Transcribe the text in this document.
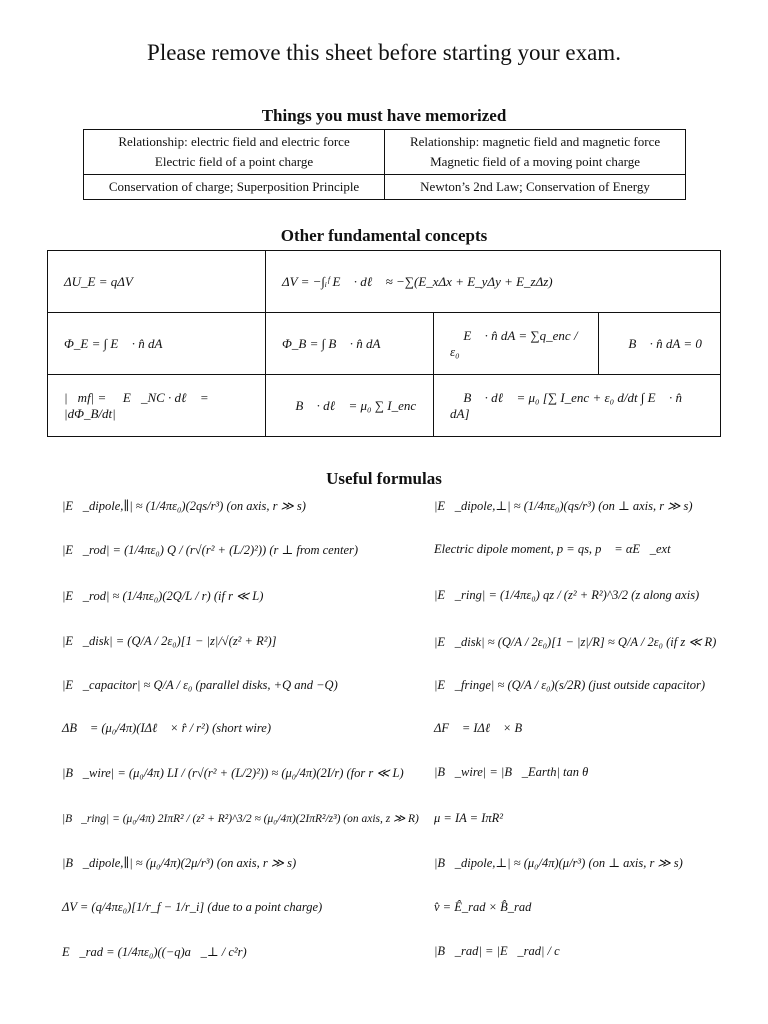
Please remove this sheet before starting your exam.
Things you must have memorized
Relationship: electric field and electric force	Relationship: magnetic field and magnetic force
Electric field of a point charge	Magnetic field of a moving point charge
Conservation of charge; Superposition Principle	Newton’s 2nd Law; Conservation of Energy
Other fundamental concepts
ΔU_E = qΔV	ΔV = −∫ᵢᶠ E⃗ · dℓ⃗ ≈ −∑(E_xΔx + E_yΔy + E_zΔz)		
Φ_E = ∫ E⃗ · n̂ dA	Φ_B = ∫ B⃗ · n̂ dA	∮ E⃗ · n̂ dA = ∑q_enc / ε₀	∮ B⃗ · n̂ dA = 0
|ℰmf| = ∮ E⃗_NC · dℓ⃗ = |dΦ_B/dt|	∮ B⃗ · dℓ⃗ = μ₀ ∑ I_enc	∮ B⃗ · dℓ⃗ = μ₀ [∑ I_enc + ε₀ d/dt ∫ E⃗ · n̂ dA]	
Useful formulas
|E⃗_dipole,∥| ≈ (1/4πε₀)(2qs/r³) (on axis, r ≫ s)
|E⃗_rod| = (1/4πε₀) Q / (r√(r² + (L/2)²)) (r ⊥ from center)
|E⃗_rod| ≈ (1/4πε₀)(2Q/L / r) (if r ≪ L)
|E⃗_disk| = (Q/A / 2ε₀)[1 − |z|/√(z² + R²)]
|E⃗_capacitor| ≈ Q/A / ε₀ (parallel disks, +Q and −Q)
ΔB⃗ = (μ₀/4π)(IΔℓ⃗ × r̂ / r²) (short wire)
|B⃗_wire| = (μ₀/4π) LI / (r√(r² + (L/2)²)) ≈ (μ₀/4π)(2I/r) (for r ≪ L)
|B⃗_ring| = (μ₀/4π) 2IπR² / (z² + R²)^3/2 ≈ (μ₀/4π)(2IπR²/z³) (on axis, z ≫ R)
|B⃗_dipole,∥| ≈ (μ₀/4π)(2μ/r³) (on axis, r ≫ s)
ΔV = (q/4πε₀)[1/r_f − 1/r_i] (due to a point charge)
E⃗_rad = (1/4πε₀)((−q)a⃗_⊥ / c²r)
|E⃗_dipole,⊥| ≈ (1/4πε₀)(qs/r³) (on ⊥ axis, r ≫ s)
Electric dipole moment, p = qs, p⃗ = αE⃗_ext
|E⃗_ring| = (1/4πε₀) qz / (z² + R²)^3/2 (z along axis)
|E⃗_disk| ≈ (Q/A / 2ε₀)[1 − |z|/R] ≈ Q/A / 2ε₀ (if z ≪ R)
|E⃗_fringe| ≈ (Q/A / ε₀)(s/2R) (just outside capacitor)
ΔF⃗ = IΔℓ⃗ × B⃗
|B⃗_wire| = |B⃗_Earth| tan θ
μ = IA = IπR²
|B⃗_dipole,⊥| ≈ (μ₀/4π)(μ/r³) (on ⊥ axis, r ≫ s)
v̂ = Ê_rad × B̂_rad
|B⃗_rad| = |E⃗_rad| / c
